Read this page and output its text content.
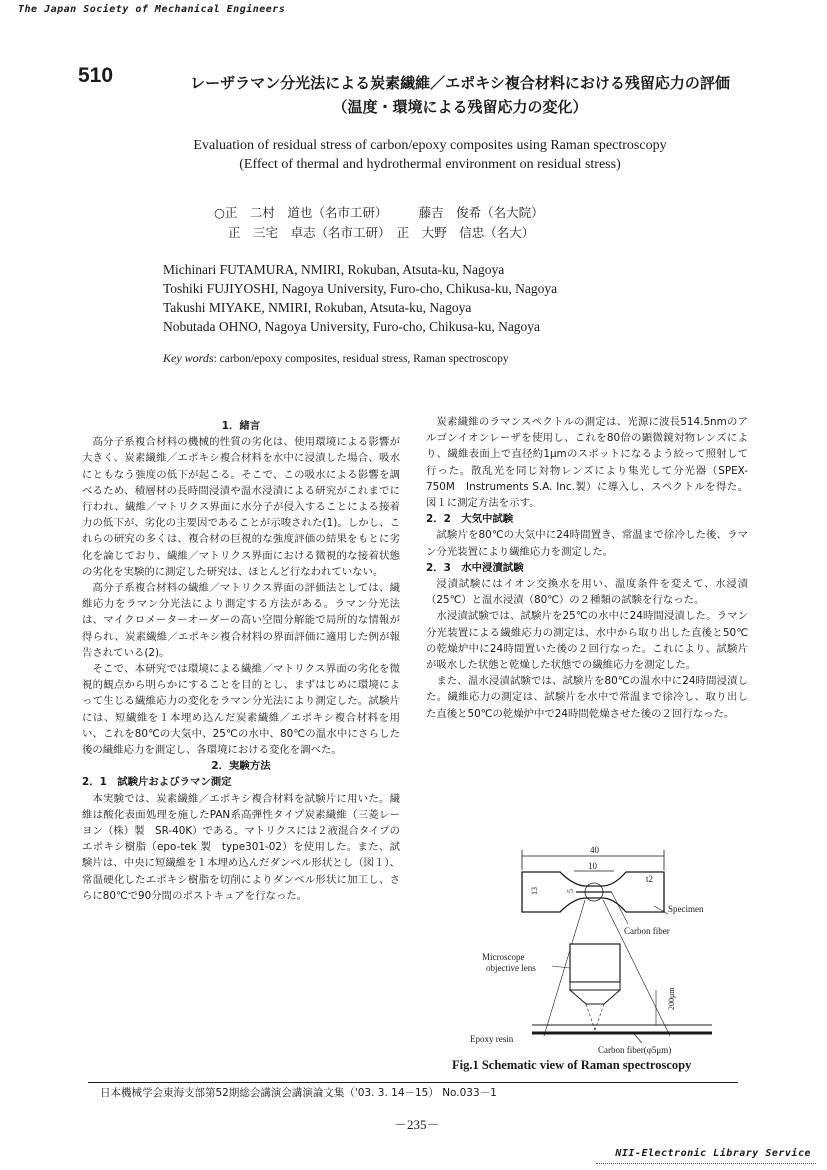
The Japan Society of Mechanical Engineers
510	レーザラマン分光法による炭素繊維／エポキシ複合材料における残留応力の評価
（温度・環境による残留応力の変化）
Evaluation of residual stress of carbon/epoxy composites using Raman spectroscopy
(Effect of thermal and hydrothermal environment on residual stress)
○正　二村　道也（名市工研）　　　藤吉　俊希（名大院）
正　三宅　卓志（名市工研）　正　大野　信忠（名大）
Michinari FUTAMURA, NMIRI, Rokuban, Atsuta-ku, Nagoya
Toshiki FUJIYOSHI, Nagoya University, Furo-cho, Chikusa-ku, Nagoya
Takushi MIYAKE, NMIRI, Rokuban, Atsuta-ku, Nagoya
Nobutada OHNO, Nagoya University, Furo-cho, Chikusa-ku, Nagoya
Key words: carbon/epoxy composites, residual stress, Raman spectroscopy

1．緒言

高分子系複合材料の機械的性質の劣化は、使用環境による影響が大きく、炭素繊維／エポキシ複合材料を水中に浸漬した場合、吸水にともなう強度の低下が起こる。そこで、この吸水による影響を調べるため、積層材の長時間浸漬や温水浸漬による研究がこれまでに行われ、繊維／マトリクス界面に水分子が侵入することによる接着力の低下が、劣化の主要因であることが示唆された(1)。しかし、これらの研究の多くは、複合材の巨視的な強度評価の結果をもとに劣化を論じており、繊維／マトリクス界面における微視的な接着状態の劣化を実験的に測定した研究は、ほとんど行なわれていない。

高分子系複合材料の繊維／マトリクス界面の評価法としては、繊維応力をラマン分光法により測定する方法がある。ラマン分光法は、マイクロメーターオーダーの高い空間分解能で局所的な情報が得られ、炭素繊維／エポキシ複合材料の界面評価に適用した例が報告されている(2)。

そこで、本研究では環境による繊維／マトリクス界面の劣化を微視的観点から明らかにすることを目的とし、まずはじめに環境によって生じる繊維応力の変化をラマン分光法により測定した。試験片には、短繊維を１本埋め込んだ炭素繊維／エポキシ複合材料を用い、これを80℃の大気中、25℃の水中、80℃の温水中にさらした後の繊維応力を測定し、各環境における変化を調べた。

2．実験方法

2．1　試験片およびラマン測定

本実験では、炭素繊維／エポキシ複合材料を試験片に用いた。繊維は酸化表面処理を施したPAN系高弾性タイプ炭素繊維（三菱レーヨン（株）製　SR-40K）である。マトリクスには２液混合タイプのエポキシ樹脂（epo-tek 製　type301-02）を使用した。また、試験片は、中央に短繊維を１本埋め込んだダンベル形状とし（図１）、常温硬化したエポキシ樹脂を切削によりダンベル形状に加工し、さらに80℃で90分間のポストキュアを行なった。

炭素繊維のラマンスペクトルの測定は、光源に波長514.5nmのアルゴンイオンレーザを使用し、これを80倍の顕微鏡対物レンズにより、繊維表面上で直径約1μmのスポットになるよう絞って照射して行った。散乱光を同じ対物レンズにより集光して分光器（SPEX-750M　Instruments S.A. Inc.製）に導入し、スペクトルを得た。図１に測定方法を示す。

2．2　大気中試験

試験片を80℃の大気中に24時間置き、常温まで徐冷した後、ラマン分光装置により繊維応力を測定した。

2．3　水中浸漬試験

浸漬試験にはイオン交換水を用い、温度条件を変えて、水浸漬（25℃）と温水浸漬（80℃）の２種類の試験を行なった。

水浸漬試験では、試験片を25℃の水中に24時間浸漬した。ラマン分光装置による繊維応力の測定は、水中から取り出した直後と50℃の乾燥炉中に24時間置いた後の２回行なった。これにより、試験片が吸水した状態と乾燥した状態での繊維応力を測定した。

また、温水浸漬試験では、試験片を80℃の温水中に24時間浸漬した。繊維応力の測定は、試験片を水中で常温まで徐冷し、取り出した直後と50℃の乾燥炉中で24時間乾燥させた後の２回行なった。

40
10
13	5
t2
Specimen
Carbon fiber
Microscope
objective lens
200μm
Epoxy resin
Carbon fiber(φ5μm)
Fig.1 Schematic view of Raman spectroscopy
日本機械学会東海支部第52期総会講演会講演論文集（'03. 3. 14－15） No.033－1
－235－
NII-Electronic Library Service
